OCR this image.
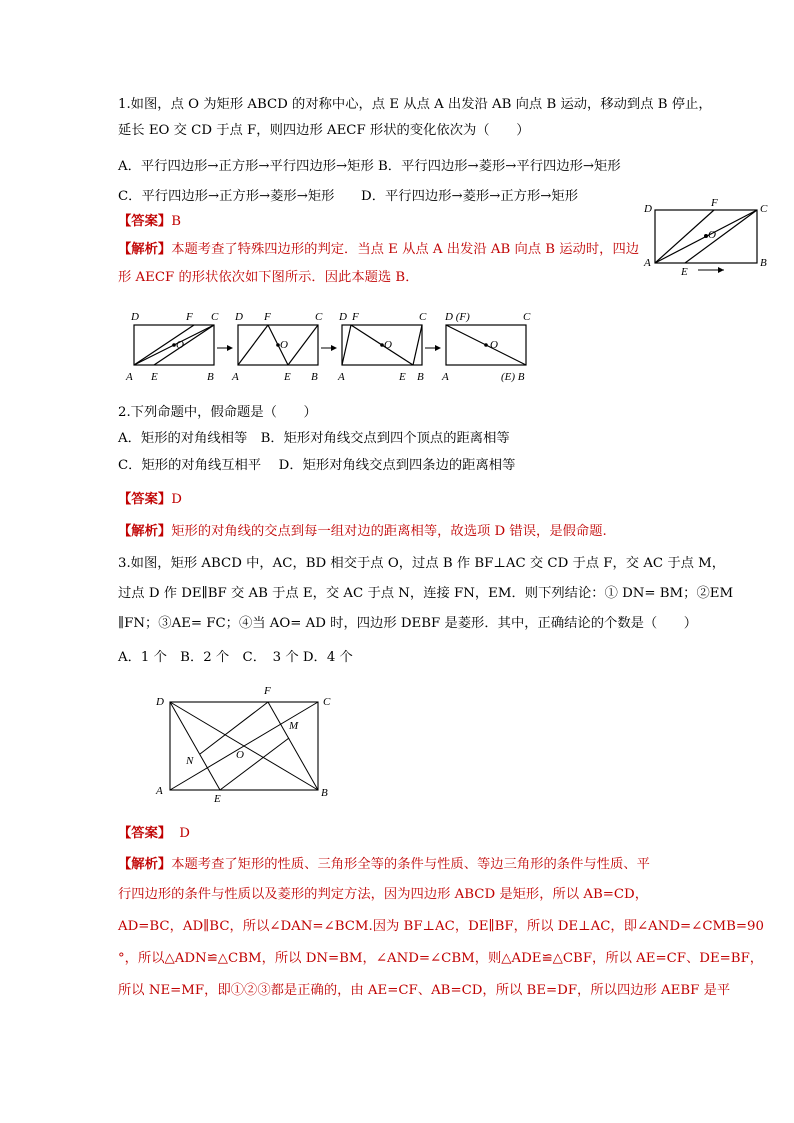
1.如图，点 O 为矩形 ABCD 的对称中心，点 E 从点 A 出发沿 AB 向点 B 运动，移动到点 B 停止，
延长 EO 交 CD 于点 F，则四边形 AECF 形状的变化依次为（　　）
A．平行四边形→正方形→平行四边形→矩形 B．平行四边形→菱形→平行四边形→矩形
C．平行四边形→正方形→菱形→矩形　　D．平行四边形→菱形→正方形→矩形
【答案】B
【解析】本题考查了特殊四边形的判定．当点 E 从点 A 出发沿 AB 向点 B 运动时，四边
形 AECF 的形状依次如下图所示．因此本题选 B．
D	C
A	B
F
E
O
D	F C
A E	B
O
D F	C
A	E B
O
D F	C
A	E B
O
D (F)	C
A	(E) B
O
2.下列命题中，假命题是（　　）
A．矩形的对角线相等　B．矩形对角线交点到四个顶点的距离相等
C．矩形的对角线互相平　 D．矩形对角线交点到四条边的距离相等
【答案】D
【解析】矩形的对角线的交点到每一组对边的距离相等，故选项 D 错误，是假命题.
3.如图，矩形 ABCD 中，AC，BD 相交于点 O，过点 B 作 BF⊥AC 交 CD 于点 F，交 AC 于点 M，
过点 D 作 DE∥BF 交 AB 于点 E，交 AC 于点 N，连接 FN，EM．则下列结论：① DN= BM；②EM
∥FN；③AE= FC；④当 AO= AD 时，四边形 DEBF 是菱形．其中，正确结论的个数是（　　）
A．1 个　B．2 个　C．　3 个 D．4 个
D	C
A	B
F
E
M
N	O
【答案】 D
【解析】本题考查了矩形的性质、三角形全等的条件与性质、等边三角形的条件与性质、平
行四边形的条件与性质以及菱形的判定方法，因为四边形 ABCD 是矩形，所以 AB=CD，
AD=BC，AD∥BC，所以∠DAN=∠BCM.因为 BF⊥AC，DE∥BF，所以 DE⊥AC，即∠AND=∠CMB=90
°，所以△ADN≌△CBM，所以 DN=BM，∠AND=∠CBM，则△ADE≌△CBF，所以 AE=CF、DE=BF，
所以 NE=MF，即①②③都是正确的，由 AE=CF、AB=CD，所以 BE=DF，所以四边形 AEBF 是平
